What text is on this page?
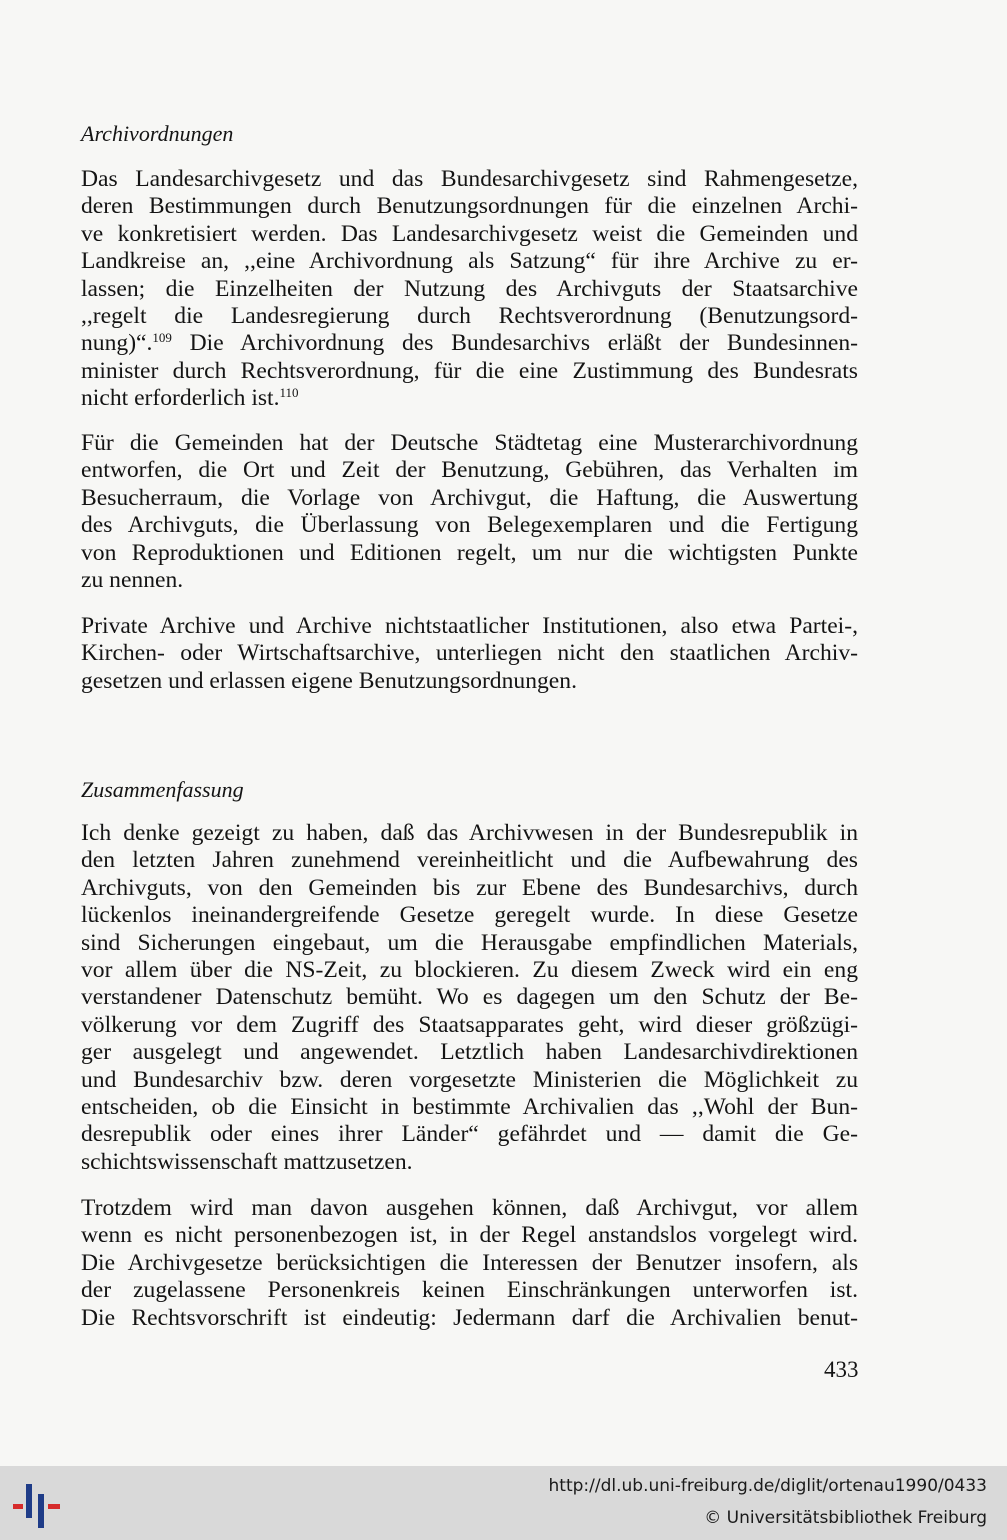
Archivordnungen

Das Landesarchivgesetz und das Bundesarchivgesetz sind Rahmengesetze,
deren Bestimmungen durch Benutzungsordnungen für die einzelnen Archi-
ve konkretisiert werden. Das Landesarchivgesetz weist die Gemeinden und
Landkreise an, ,,eine Archivordnung als Satzung“ für ihre Archive zu er-
lassen; die Einzelheiten der Nutzung des Archivguts der Staatsarchive
,,regelt die Landesregierung durch Rechtsverordnung (Benutzungsord-
nung)“.$^{109}$ Die Archivordnung des Bundesarchivs erläßt der Bundesinnen-
minister durch Rechtsverordnung, für die eine Zustimmung des Bundesrats
nicht erforderlich ist.$^{110}$

Für die Gemeinden hat der Deutsche Städtetag eine Musterarchivordnung
entworfen, die Ort und Zeit der Benutzung, Gebühren, das Verhalten im
Besucherraum, die Vorlage von Archivgut, die Haftung, die Auswertung
des Archivguts, die Überlassung von Belegexemplaren und die Fertigung
von Reproduktionen und Editionen regelt, um nur die wichtigsten Punkte
zu nennen.

Private Archive und Archive nichtstaatlicher Institutionen, also etwa Partei-,
Kirchen- oder Wirtschaftsarchive, unterliegen nicht den staatlichen Archiv-
gesetzen und erlassen eigene Benutzungsordnungen.

Zusammenfassung

Ich denke gezeigt zu haben, daß das Archivwesen in der Bundesrepublik in
den letzten Jahren zunehmend vereinheitlicht und die Aufbewahrung des
Archivguts, von den Gemeinden bis zur Ebene des Bundesarchivs, durch
lückenlos ineinandergreifende Gesetze geregelt wurde. In diese Gesetze
sind Sicherungen eingebaut, um die Herausgabe empfindlichen Materials,
vor allem über die NS-Zeit, zu blockieren. Zu diesem Zweck wird ein eng
verstandener Datenschutz bemüht. Wo es dagegen um den Schutz der Be-
völkerung vor dem Zugriff des Staatsapparates geht, wird dieser größzügi-
ger ausgelegt und angewendet. Letztlich haben Landesarchivdirektionen
und Bundesarchiv bzw. deren vorgesetzte Ministerien die Möglichkeit zu
entscheiden, ob die Einsicht in bestimmte Archivalien das ,,Wohl der Bun-
desrepublik oder eines ihrer Länder“ gefährdet und — damit die Ge-
schichtswissenschaft mattzusetzen.

Trotzdem wird man davon ausgehen können, daß Archivgut, vor allem
wenn es nicht personenbezogen ist, in der Regel anstandslos vorgelegt wird.
Die Archivgesetze berücksichtigen die Interessen der Benutzer insofern, als
der zugelassene Personenkreis keinen Einschränkungen unterworfen ist.
Die Rechtsvorschrift ist eindeutig: Jedermann darf die Archivalien benut-

433

http://dl.ub.uni-freiburg.de/diglit/ortenau1990/0433
© Universitätsbibliothek Freiburg
